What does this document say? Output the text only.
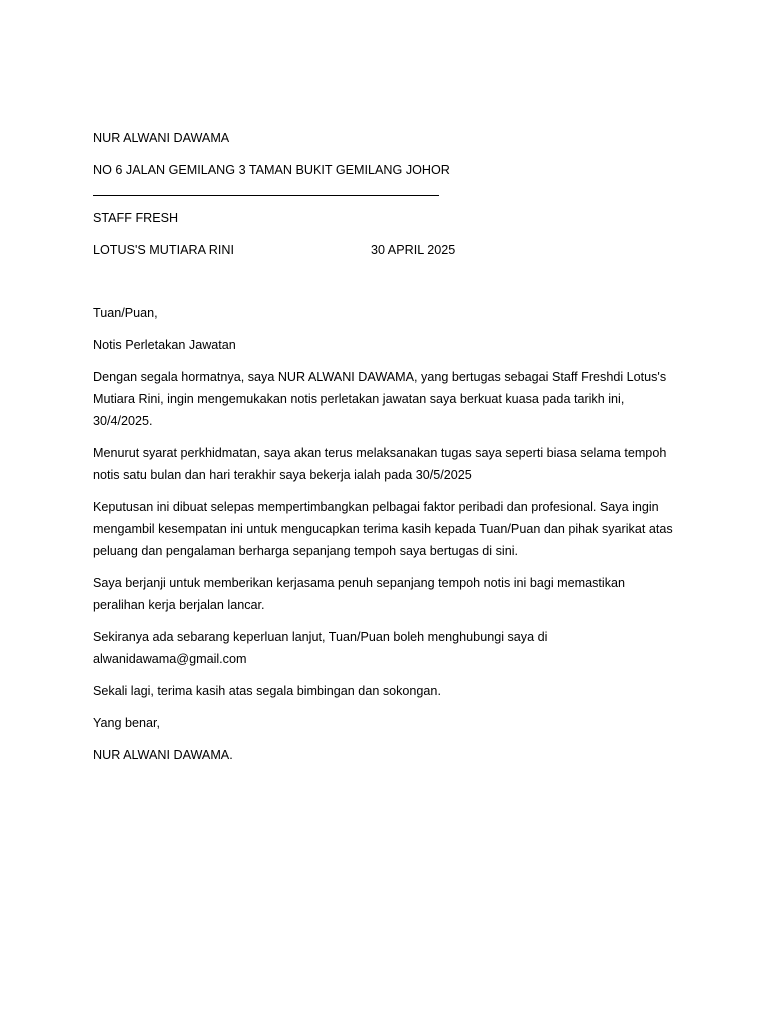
NUR ALWANI DAWAMA

NO 6 JALAN GEMILANG 3 TAMAN BUKIT GEMILANG JOHOR

STAFF FRESH

LOTUS'S MUTIARA RINI	30 APRIL 2025

Tuan/Puan,

Notis Perletakan Jawatan

Dengan segala hormatnya, saya NUR ALWANI DAWAMA, yang bertugas sebagai Staff Freshdi Lotus's Mutiara Rini, ingin mengemukakan notis perletakan jawatan saya berkuat kuasa pada tarikh ini, 30/4/2025.

Menurut syarat perkhidmatan, saya akan terus melaksanakan tugas saya seperti biasa selama tempoh notis satu bulan dan hari terakhir saya bekerja ialah pada 30/5/2025

Keputusan ini dibuat selepas mempertimbangkan pelbagai faktor peribadi dan profesional. Saya ingin mengambil kesempatan ini untuk mengucapkan terima kasih kepada Tuan/Puan dan pihak syarikat atas peluang dan pengalaman berharga sepanjang tempoh saya bertugas di sini.

Saya berjanji untuk memberikan kerjasama penuh sepanjang tempoh notis ini bagi memastikan peralihan kerja berjalan lancar.

Sekiranya ada sebarang keperluan lanjut, Tuan/Puan boleh menghubungi saya di alwanidawama@gmail.com

Sekali lagi, terima kasih atas segala bimbingan dan sokongan.

Yang benar,

NUR ALWANI DAWAMA.
